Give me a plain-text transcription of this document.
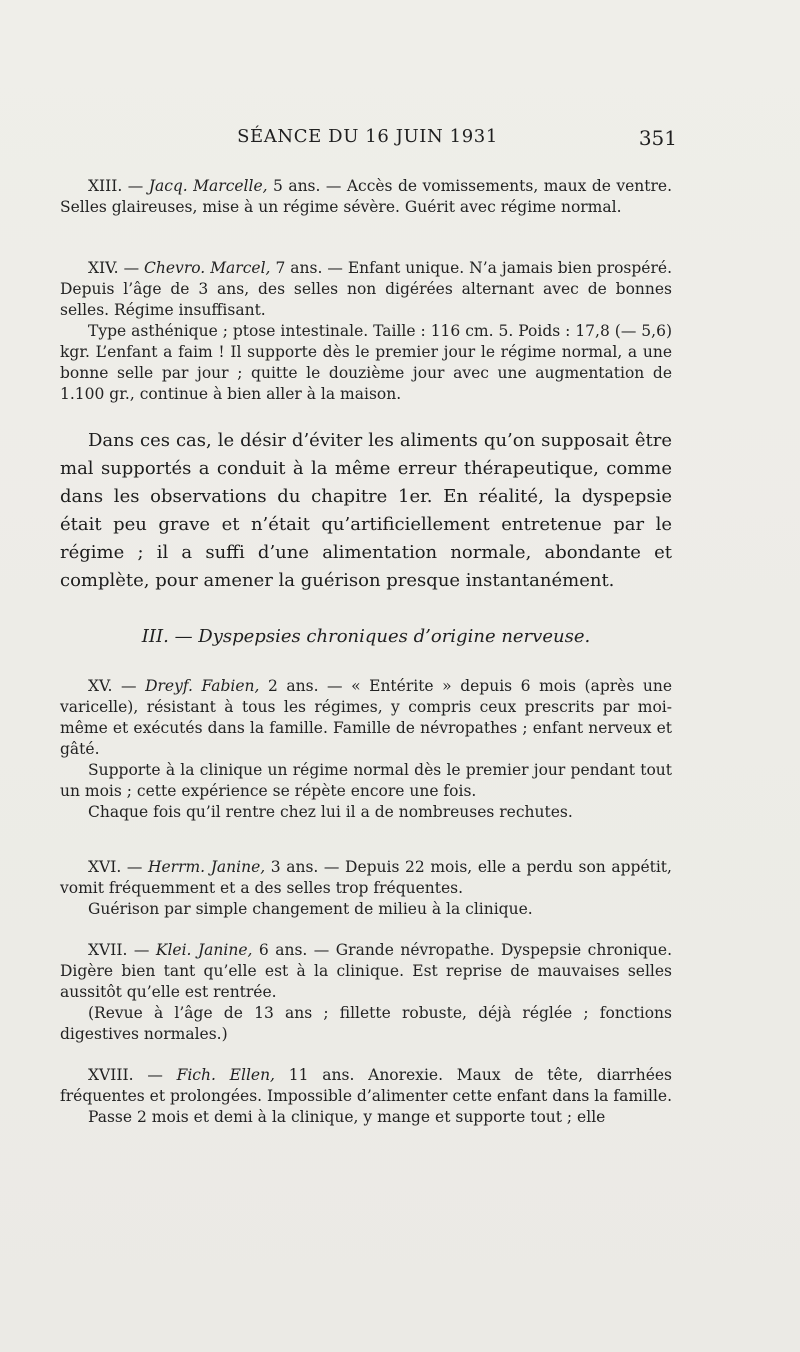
SÉANCE DU 16 JUIN 1931	351

XIII. — Jacq. Marcelle, 5 ans. — Accès de vomissements, maux de ventre. Selles glaireuses, mise à un régime sévère. Guérit avec régime normal.

XIV. — Chevro. Marcel, 7 ans. — Enfant unique. N’a jamais bien prospéré. Depuis l’âge de 3 ans, des selles non digérées alternant avec de bonnes selles. Régime insuffisant.

Type asthénique ; ptose intestinale. Taille : 116 cm. 5. Poids : 17,8 (— 5,6) kgr. L’enfant a faim ! Il supporte dès le premier jour le régime normal, a une bonne selle par jour ; quitte le douzième jour avec une augmentation de 1.100 gr., continue à bien aller à la maison.

Dans ces cas, le désir d’éviter les aliments qu’on supposait être mal supportés a conduit à la même erreur thérapeutique, comme dans les observations du chapitre 1er. En réalité, la dyspepsie était peu grave et n’était qu’artificiellement entretenue par le régime ; il a suffi d’une alimentation normale, abondante et complète, pour amener la guérison presque instantanément.

III. — Dyspepsies chroniques d’origine nerveuse.

XV. — Dreyf. Fabien, 2 ans. — « Entérite » depuis 6 mois (après une varicelle), résistant à tous les régimes, y compris ceux prescrits par moi-même et exécutés dans la famille. Famille de névropathes ; enfant nerveux et gâté.

Supporte à la clinique un régime normal dès le premier jour pendant tout un mois ; cette expérience se répète encore une fois.

Chaque fois qu’il rentre chez lui il a de nombreuses rechutes.

XVI. — Herrm. Janine, 3 ans. — Depuis 22 mois, elle a perdu son appétit, vomit fréquemment et a des selles trop fréquentes.

Guérison par simple changement de milieu à la clinique.

XVII. — Klei. Janine, 6 ans. — Grande névropathe. Dyspepsie chronique. Digère bien tant qu’elle est à la clinique. Est reprise de mauvaises selles aussitôt qu’elle est rentrée.

(Revue à l’âge de 13 ans ; fillette robuste, déjà réglée ; fonctions digestives normales.)

XVIII. — Fich. Ellen, 11 ans. Anorexie. Maux de tête, diarrhées fréquentes et prolongées. Impossible d’alimenter cette enfant dans la famille.

Passe 2 mois et demi à la clinique, y mange et supporte tout ; elle
